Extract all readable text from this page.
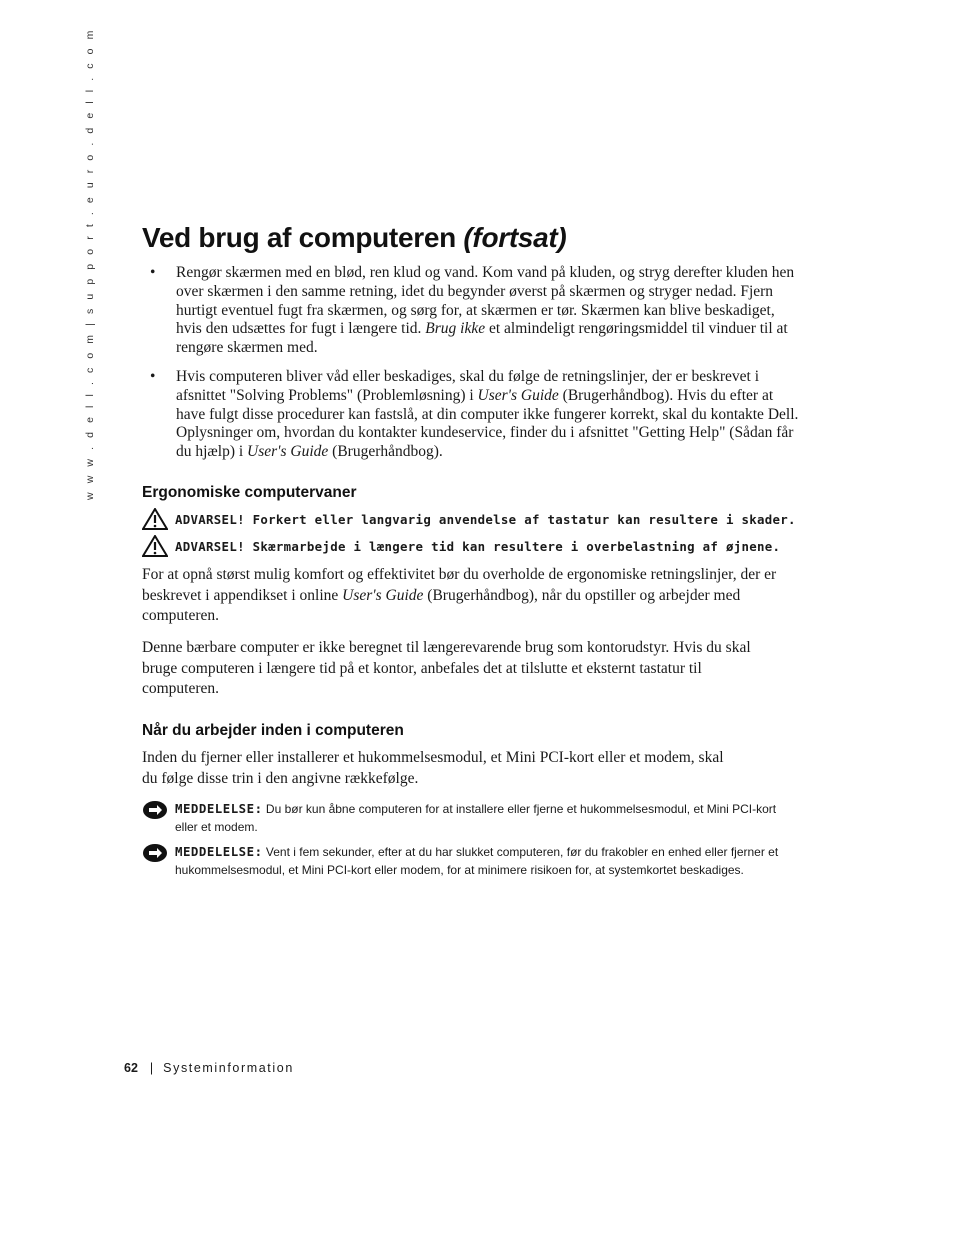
w w w . d e l l . c o m | s u p p o r t . e u r o . d e l l . c o m Ved brug af computeren (fortsat)
• Rengør skærmen med en blød, ren klud og vand. Kom vand på kluden, og stryg derefter kluden hen over skærmen i den samme retning, idet du begynder øverst på skærmen og stryger nedad. Fjern hurtigt eventuel fugt fra skærmen, og sørg for, at skærmen er tør. Skærmen kan blive beskadiget, hvis den udsættes for fugt i længere tid. Brug ikke et almindeligt rengøringsmiddel til vinduer til at rengøre skærmen med.
• Hvis computeren bliver våd eller beskadiges, skal du følge de retningslinjer, der er beskrevet i afsnittet "Solving Problems" (Problemløsning) i User's Guide (Brugerhåndbog). Hvis du efter at have fulgt disse procedurer kan fastslå, at din computer ikke fungerer korrekt, skal du kontakte Dell. Oplysninger om, hvordan du kontakter kundeservice, finder du i afsnittet "Getting Help" (Sådan får du hjælp) i User's Guide (Brugerhåndbog).
Ergonomiske computervaner
ADVARSEL! Forkert eller langvarig anvendelse af tastatur kan resultere i skader.
ADVARSEL! Skærmarbejde i længere tid kan resultere i overbelastning af øjnene.

For at opnå størst mulig komfort og effektivitet bør du overholde de ergonomiske retningslinjer, der er beskrevet i appendikset i online User's Guide (Brugerhåndbog), når du opstiller og arbejder med computeren.

Denne bærbare computer er ikke beregnet til længerevarende brug som kontorudstyr. Hvis du skal bruge computeren i længere tid på et kontor, anbefales det at tilslutte et eksternt tastatur til computeren.

Når du arbejder inden i computeren

Inden du fjerner eller installerer et hukommelsesmodul, et Mini PCI-kort eller et modem, skal du følge disse trin i den angivne rækkefølge.

MEDDELELSE: Du bør kun åbne computeren for at installere eller fjerne et hukommelsesmodul, et Mini PCI-kort eller et modem.
MEDDELELSE: Vent i fem sekunder, efter at du har slukket computeren, før du frakobler en enhed eller fjerner et hukommelsesmodul, et Mini PCI-kort eller modem, for at minimere risikoen for, at systemkortet beskadiges.
62 | Systeminformation
